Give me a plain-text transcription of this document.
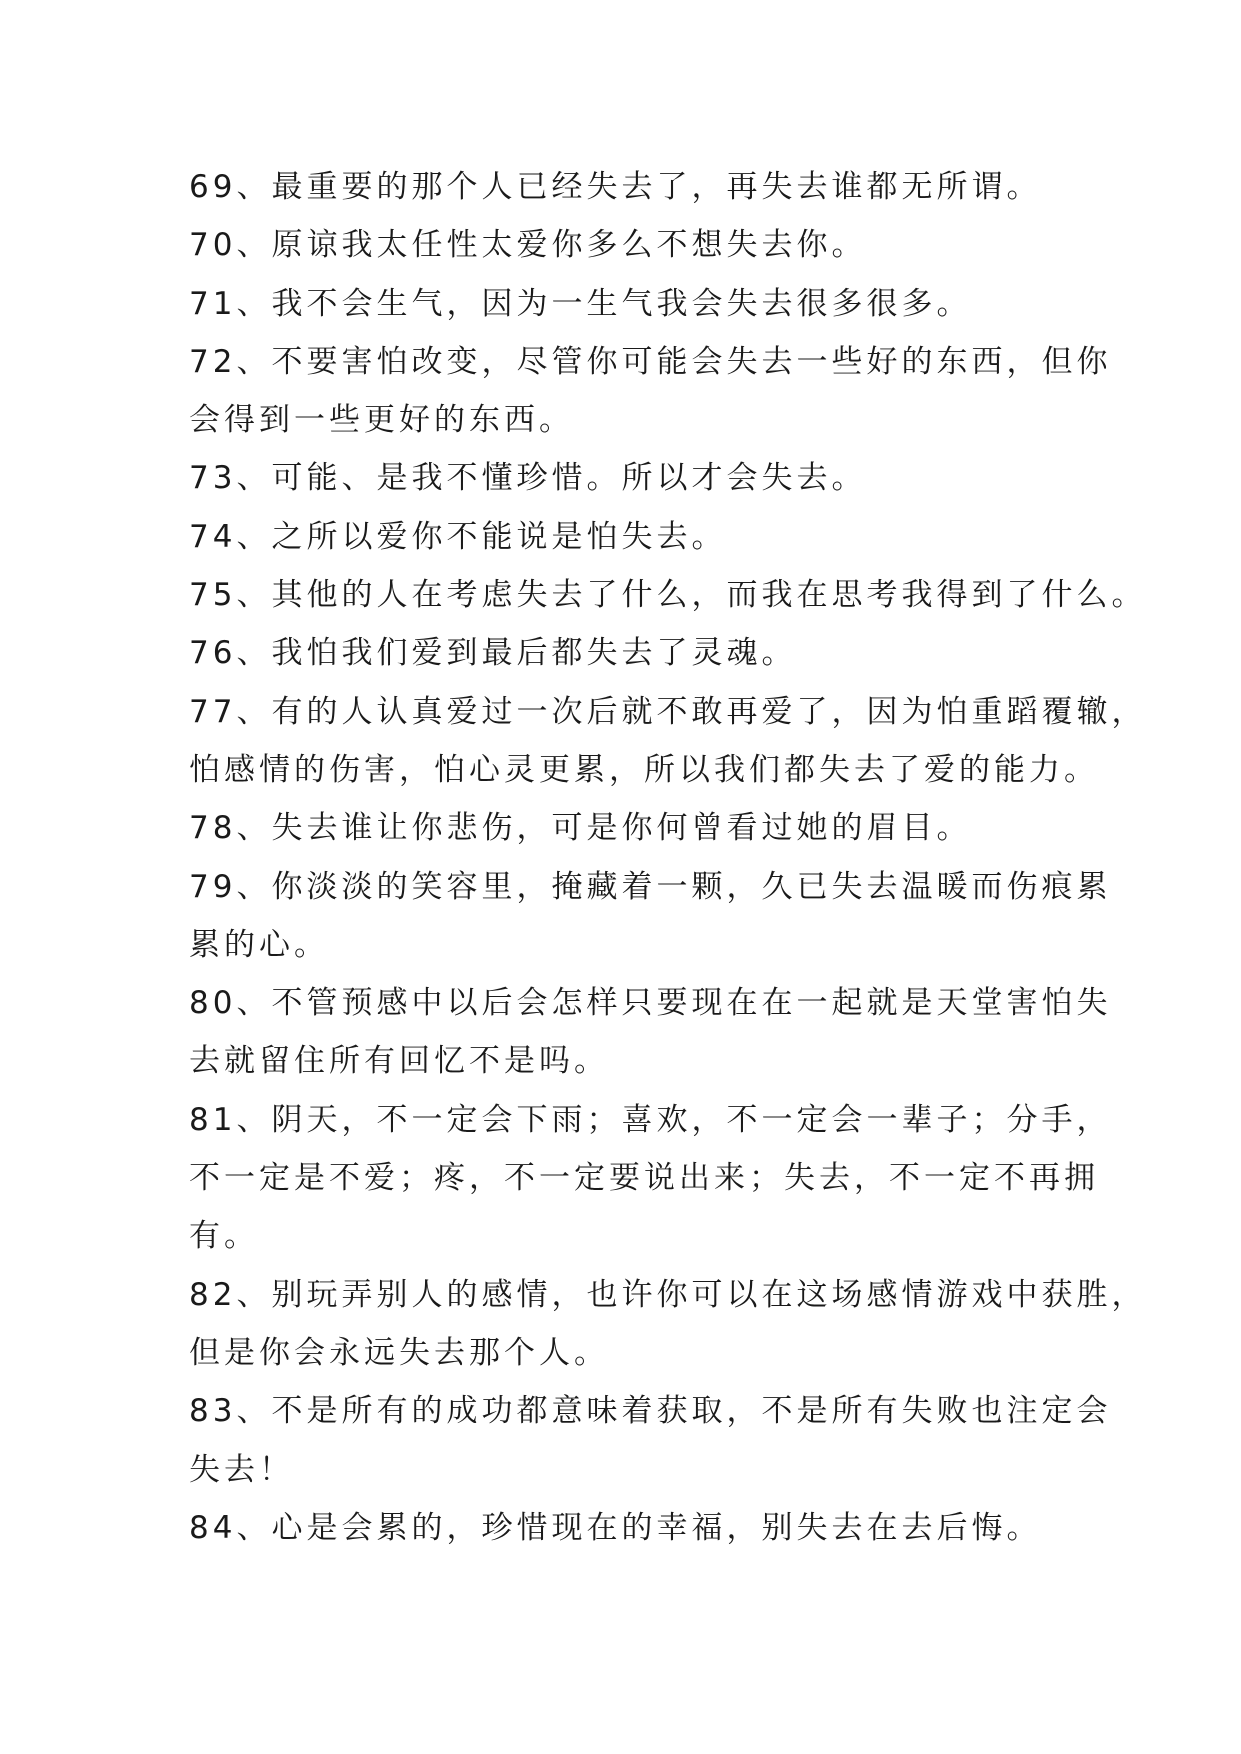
69、最重要的那个人已经失去了，再失去谁都无所谓。
70、原谅我太任性太爱你多么不想失去你。
71、我不会生气，因为一生气我会失去很多很多。
72、不要害怕改变，尽管你可能会失去一些好的东西，但你
会得到一些更好的东西。
73、可能、是我不懂珍惜。所以才会失去。
74、之所以爱你不能说是怕失去。
75、其他的人在考虑失去了什么，而我在思考我得到了什么。
76、我怕我们爱到最后都失去了灵魂。
77、有的人认真爱过一次后就不敢再爱了，因为怕重蹈覆辙，
怕感情的伤害，怕心灵更累，所以我们都失去了爱的能力。
78、失去谁让你悲伤，可是你何曾看过她的眉目。
79、你淡淡的笑容里，掩藏着一颗，久已失去温暖而伤痕累
累的心。
80、不管预感中以后会怎样只要现在在一起就是天堂害怕失
去就留住所有回忆不是吗。
81、阴天，不一定会下雨；喜欢，不一定会一辈子；分手，
不一定是不爱；疼，不一定要说出来；失去，不一定不再拥
有。
82、别玩弄别人的感情，也许你可以在这场感情游戏中获胜，
但是你会永远失去那个人。
83、不是所有的成功都意味着获取，不是所有失败也注定会
失去！
84、心是会累的，珍惜现在的幸福，别失去在去后悔。
